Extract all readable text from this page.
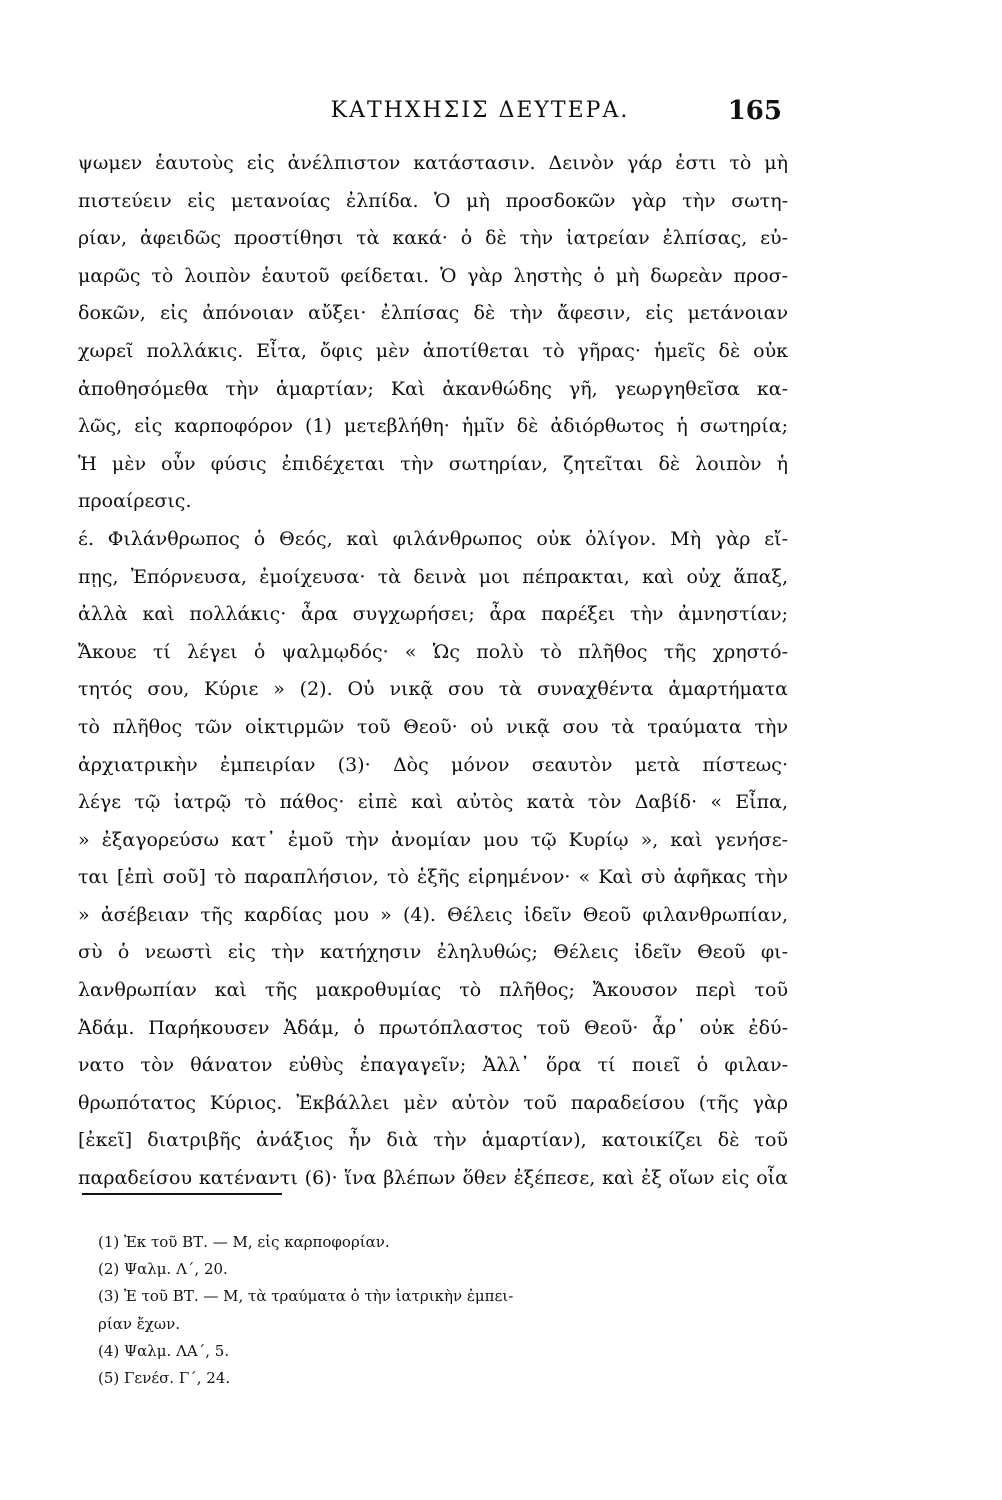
ΚΑΤΗΧΗΣΙΣ ΔΕΥΤΕΡΑ.	165
ψωμεν ἑαυτοὺς εἰς ἀνέλπιστον κατάστασιν. Δεινὸν γάρ ἐστι τὸ μὴ
πιστεύειν εἰς μετανοίας ἐλπίδα. Ὁ μὴ προσδοκῶν γὰρ τὴν σωτη-
ρίαν, ἀφειδῶς προστίθησι τὰ κακά· ὁ δὲ τὴν ἰατρείαν ἐλπίσας, εὐ-
μαρῶς τὸ λοιπὸν ἑαυτοῦ φείδεται. Ὁ γὰρ ληστὴς ὁ μὴ δωρεὰν προσ-
δοκῶν, εἰς ἀπόνοιαν αὔξει· ἐλπίσας δὲ τὴν ἄφεσιν, εἰς μετάνοιαν
χωρεῖ πολλάκις. Εἶτα, ὄφις μὲν ἀποτίθεται τὸ γῆρας· ἡμεῖς δὲ οὐκ
ἀποθησόμεθα τὴν ἁμαρτίαν; Καὶ ἀκανθώδης γῆ, γεωργηθεῖσα κα-
λῶς, εἰς καρποφόρον (1) μετεβλήθη· ἡμῖν δὲ ἀδιόρθωτος ἡ σωτηρία;
Ἡ μὲν οὖν φύσις ἐπιδέχεται τὴν σωτηρίαν, ζητεῖται δὲ λοιπὸν ἡ
προαίρεσις.
έ. Φιλάνθρωπος ὁ Θεός, καὶ φιλάνθρωπος οὐκ ὀλίγον. Μὴ γὰρ εἴ-
πῃς, Ἐπόρνευσα, ἐμοίχευσα· τὰ δεινὰ μοι πέπρακται, καὶ οὐχ ἅπαξ,
ἀλλὰ καὶ πολλάκις· ἆρα συγχωρήσει; ἆρα παρέξει τὴν ἀμνηστίαν;
Ἄκουε τί λέγει ὁ ψαλμῳδός· « Ὡς πολὺ τὸ πλῆθος τῆς χρηστό-
τητός σου, Κύριε » (2). Οὐ νικᾷ σου τὰ συναχθέντα ἁμαρτήματα
τὸ πλῆθος τῶν οἰκτιρμῶν τοῦ Θεοῦ· οὐ νικᾷ σου τὰ τραύματα τὴν
ἀρχιατρικὴν ἐμπειρίαν (3)· Δὸς μόνον σεαυτὸν μετὰ πίστεως·
λέγε τῷ ἰατρῷ τὸ πάθος· εἰπὲ καὶ αὐτὸς κατὰ τὸν Δαβίδ· « Εἶπα,
» ἐξαγορεύσω κατ᾿ ἐμοῦ τὴν ἀνομίαν μου τῷ Κυρίῳ », καὶ γενήσε-
ται [ἐπὶ σοῦ] τὸ παραπλήσιον, τὸ ἑξῆς εἰρημένον· « Καὶ σὺ ἀφῆκας τὴν
» ἀσέβειαν τῆς καρδίας μου » (4). Θέλεις ἰδεῖν Θεοῦ φιλανθρωπίαν,
σὺ ὁ νεωστὶ εἰς τὴν κατήχησιν ἐληλυθώς; Θέλεις ἰδεῖν Θεοῦ φι-
λανθρωπίαν καὶ τῆς μακροθυμίας τὸ πλῆθος; Ἄκουσον περὶ τοῦ
Ἀδάμ. Παρήκουσεν Ἀδάμ, ὁ πρωτόπλαστος τοῦ Θεοῦ· ἆρ᾿ οὐκ ἐδύ-
νατο τὸν θάνατον εὐθὺς ἐπαγαγεῖν; Ἀλλ᾿ ὅρα τί ποιεῖ ὁ φιλαν-
θρωπότατος Κύριος. Ἐκβάλλει μὲν αὐτὸν τοῦ παραδείσου (τῆς γὰρ
[ἐκεῖ] διατριβῆς ἀνάξιος ἦν διὰ τὴν ἁμαρτίαν), κατοικίζει δὲ τοῦ
παραδείσου κατέναντι (6)· ἵνα βλέπων ὅθεν ἐξέπεσε, καὶ ἐξ οἵων εἰς οἷα
(1) Ἐκ τοῦ ΒΤ. — Μ, εἰς καρποφορίαν.
(2) Ψαλμ. Λ΄, 20.
(3) Ἐ τοῦ ΒΤ. — Μ, τὰ τραύματα ὁ τὴν ἰατρικὴν ἐμπει-
ρίαν ἔχων.
(4) Ψαλμ. ΛΑ΄, 5.
(5) Γενέσ. Γ΄, 24.
